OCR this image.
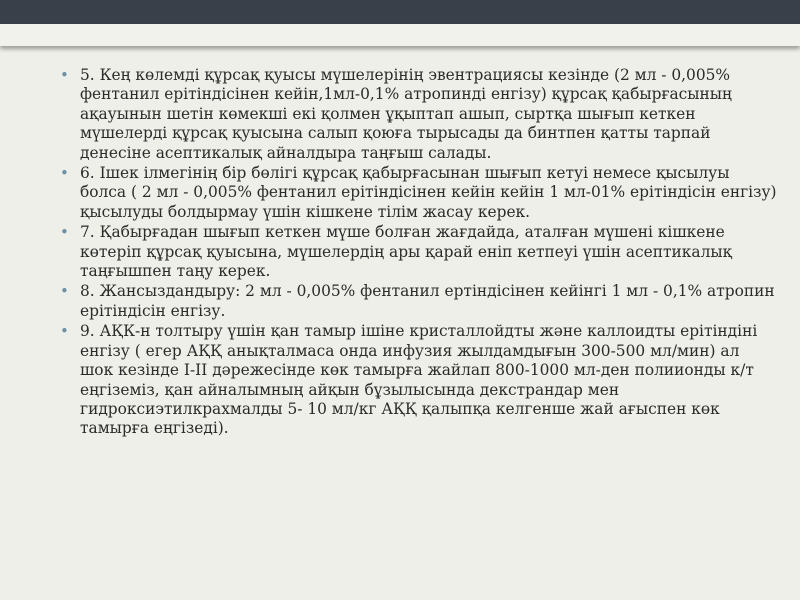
• 5. Кең көлемді құрсақ қуысы мүшелерінің эвентрациясы кезінде (2 мл - 0,005% фентанил ерітіндісінен кейін,1мл-0,1% атропинді енгізу) құрсақ қабырғасының ақауынын шетін көмекші екі қолмен ұқыптап ашып, сыртқа шығып кеткен мүшелерді құрсақ қуысына салып қоюға тырысады да бинтпен қатты тарпай денесіне асептикалық айналдыра таңғыш салады.
• 6. Ішек ілмегінің бір бөлігі құрсақ қабырғасынан шығып кетуі немесе қысылуы болса ( 2 мл - 0,005% фентанил ерітіндісінен кейін кейін 1 мл-01% ерітіндісін енгізу) қысылуды болдырмау үшін кішкене тілім жасау керек.
• 7. Қабырғадан шығып кеткен мүше болған жағдайда, аталған мүшені кішкене көтеріп құрсақ қуысына, мүшелердің ары қарай еніп кетпеуі үшін асептикалық таңғышпен таңу керек.
• 8. Жансыздандыру: 2 мл - 0,005% фентанил ертіндісінен кейінгі 1 мл - 0,1% атропин ерітіндісін енгізу.
• 9. АҚК-н толтыру үшін қан тамыр ішіне кристаллойдты және каллоидты ерітіндіні енгізу ( егер АҚҚ анықталмаса онда инфузия жылдамдығын 300-500 мл/мин) ал шок кезінде І-ІІ дәрежесінде көк тамырға жайлап 800-1000 мл-ден полиионды к/т еңгіземіз, қан айналымның айқын бұзылысында декстрандар мен гидроксиэтилкрахмалды 5- 10 мл/кг АҚҚ қалыпқа келгенше жай ағыспен көк тамырға еңгізеді).
